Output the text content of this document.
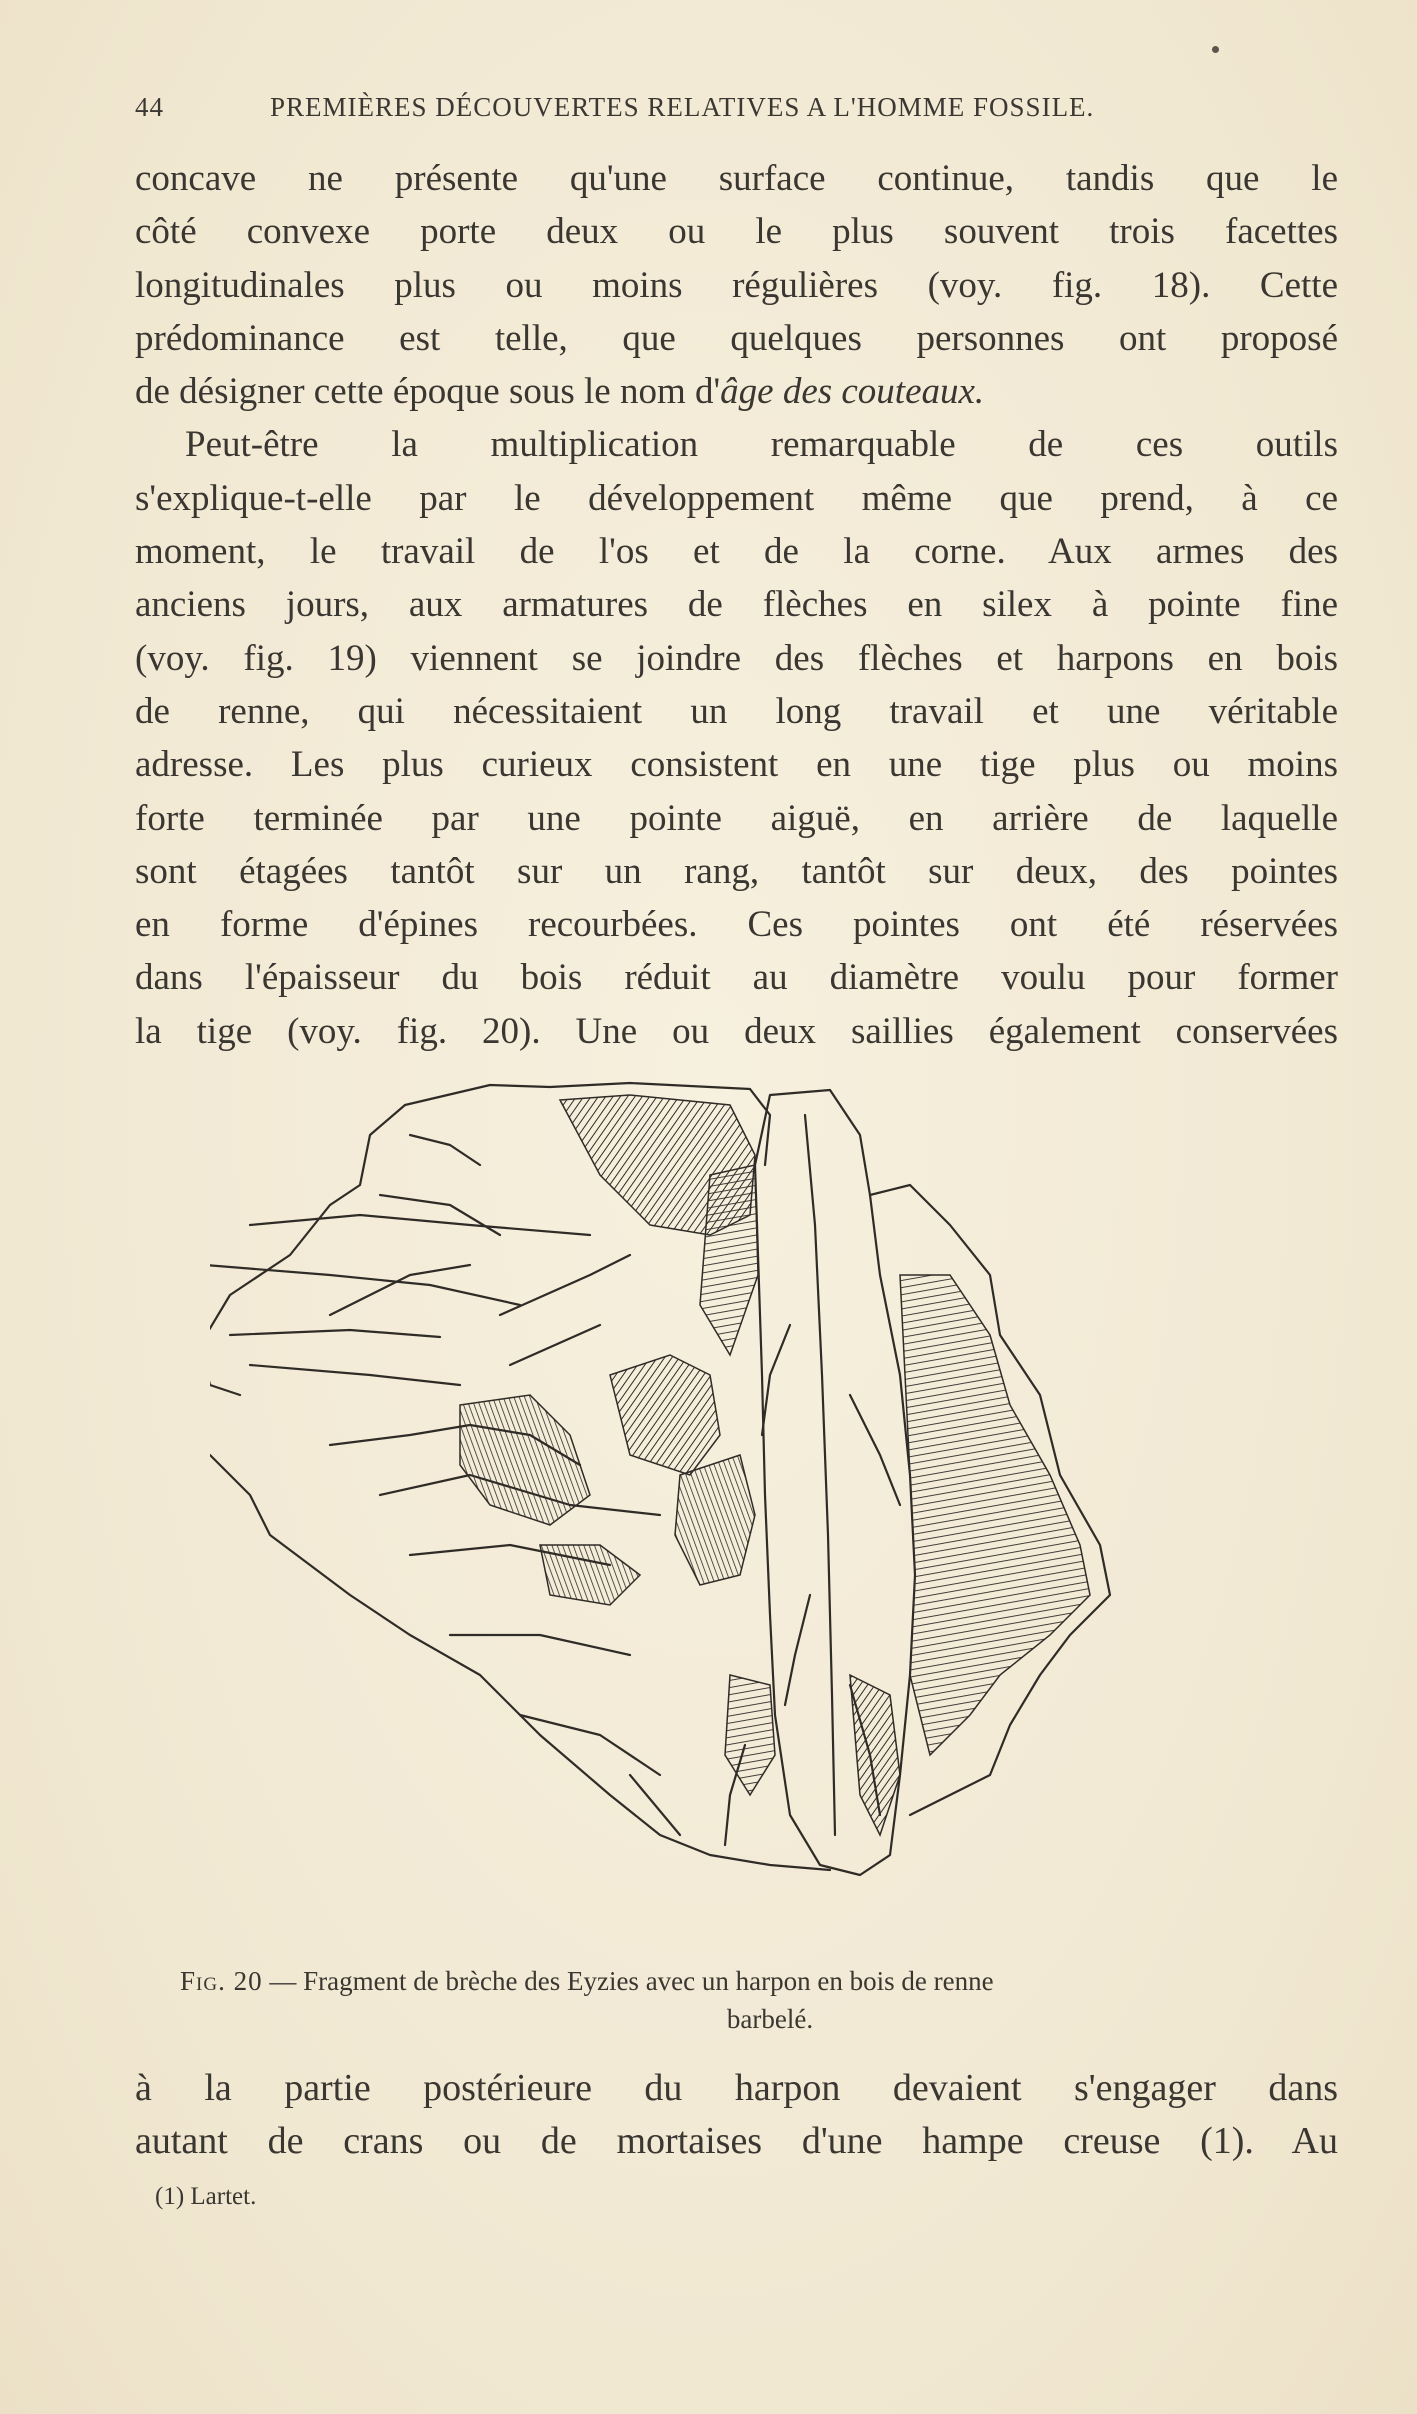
44	PREMIÈRES DÉCOUVERTES RELATIVES A L'HOMME FOSSILE.

concave ne présente qu'une surface continue, tandis que le
côté convexe porte deux ou le plus souvent trois facettes
longitudinales plus ou moins régulières (voy. fig. 18). Cette
prédominance est telle, que quelques personnes ont proposé
de désigner cette époque sous le nom d'âge des couteaux.

Peut-être la multiplication remarquable de ces outils
s'explique-t-elle par le développement même que prend, à ce
moment, le travail de l'os et de la corne. Aux armes des
anciens jours, aux armatures de flèches en silex à pointe fine
(voy. fig. 19) viennent se joindre des flèches et harpons en bois
de renne, qui nécessitaient un long travail et une véritable
adresse. Les plus curieux consistent en une tige plus ou moins
forte terminée par une pointe aiguë, en arrière de laquelle
sont étagées tantôt sur un rang, tantôt sur deux, des pointes
en forme d'épines recourbées. Ces pointes ont été réservées
dans l'épaisseur du bois réduit au diamètre voulu pour former
la tige (voy. fig. 20). Une ou deux saillies également conservées

Fig. 20 — Fragment de brèche des Eyzies avec un harpon en bois de renne
barbelé.

à la partie postérieure du harpon devaient s'engager dans
autant de crans ou de mortaises d'une hampe creuse (1). Au

(1) Lartet.
